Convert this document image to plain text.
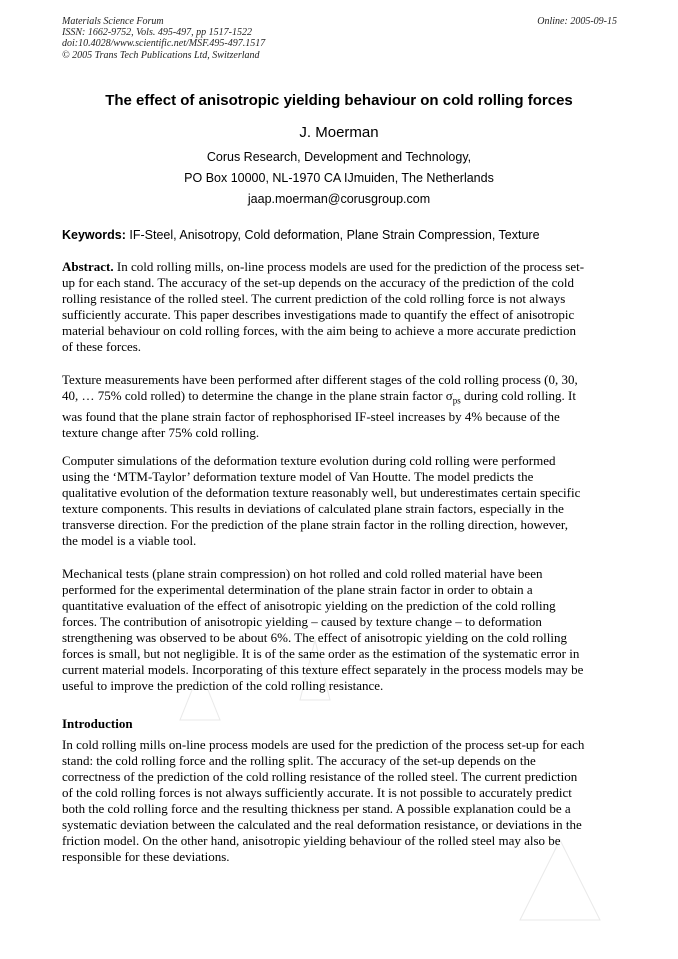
Materials Science Forum
ISSN: 1662-9752, Vols. 495-497, pp 1517-1522
doi:10.4028/www.scientific.net/MSF.495-497.1517
© 2005 Trans Tech Publications Ltd, Switzerland
Online: 2005-09-15
The effect of anisotropic yielding behaviour on cold rolling forces
J. Moerman
Corus Research, Development and Technology,
PO Box 10000, NL-1970 CA IJmuiden, The Netherlands
jaap.moerman@corusgroup.com
Keywords: IF-Steel, Anisotropy, Cold deformation, Plane Strain Compression, Texture
Abstract. In cold rolling mills, on-line process models are used for the prediction of the process set-
up for each stand. The accuracy of the set-up depends on the accuracy of the prediction of the cold
rolling resistance of the rolled steel. The current prediction of the cold rolling force is not always
sufficiently accurate. This paper describes investigations made to quantify the effect of anisotropic
material behaviour on cold rolling forces, with the aim being to achieve a more accurate prediction
of these forces.
Texture measurements have been performed after different stages of the cold rolling process (0, 30,
40, … 75% cold rolled) to determine the change in the plane strain factor $\sigma_{ps}$ during cold rolling. It
was found that the plane strain factor of rephosphorised IF-steel increases by 4% because of the
texture change after 75% cold rolling.
Computer simulations of the deformation texture evolution during cold rolling were performed
using the ‘MTM-Taylor’ deformation texture model of Van Houtte. The model predicts the
qualitative evolution of the deformation texture reasonably well, but underestimates certain specific
texture components. This results in deviations of calculated plane strain factors, especially in the
transverse direction. For the prediction of the plane strain factor in the rolling direction, however,
the model is a viable tool.
Mechanical tests (plane strain compression) on hot rolled and cold rolled material have been
performed for the experimental determination of the plane strain factor in order to obtain a
quantitative evaluation of the effect of anisotropic yielding on the prediction of the cold rolling
forces. The contribution of anisotropic yielding – caused by texture change – to deformation
strengthening was observed to be about 6%. The effect of anisotropic yielding on the cold rolling
forces is small, but not negligible. It is of the same order as the estimation of the systematic error in
current material models. Incorporating of this texture effect separately in the process models may be
useful to improve the prediction of the cold rolling resistance.
Introduction
In cold rolling mills on-line process models are used for the prediction of the process set-up for each
stand: the cold rolling force and the rolling split. The accuracy of the set-up depends on the
correctness of the prediction of the cold rolling resistance of the rolled steel. The current prediction
of the cold rolling forces is not always sufficiently accurate. It is not possible to accurately predict
both the cold rolling force and the resulting thickness per stand. A possible explanation could be a
systematic deviation between the calculated and the real deformation resistance, or deviations in the
friction model. On the other hand, anisotropic yielding behaviour of the rolled steel may also be
responsible for these deviations.
